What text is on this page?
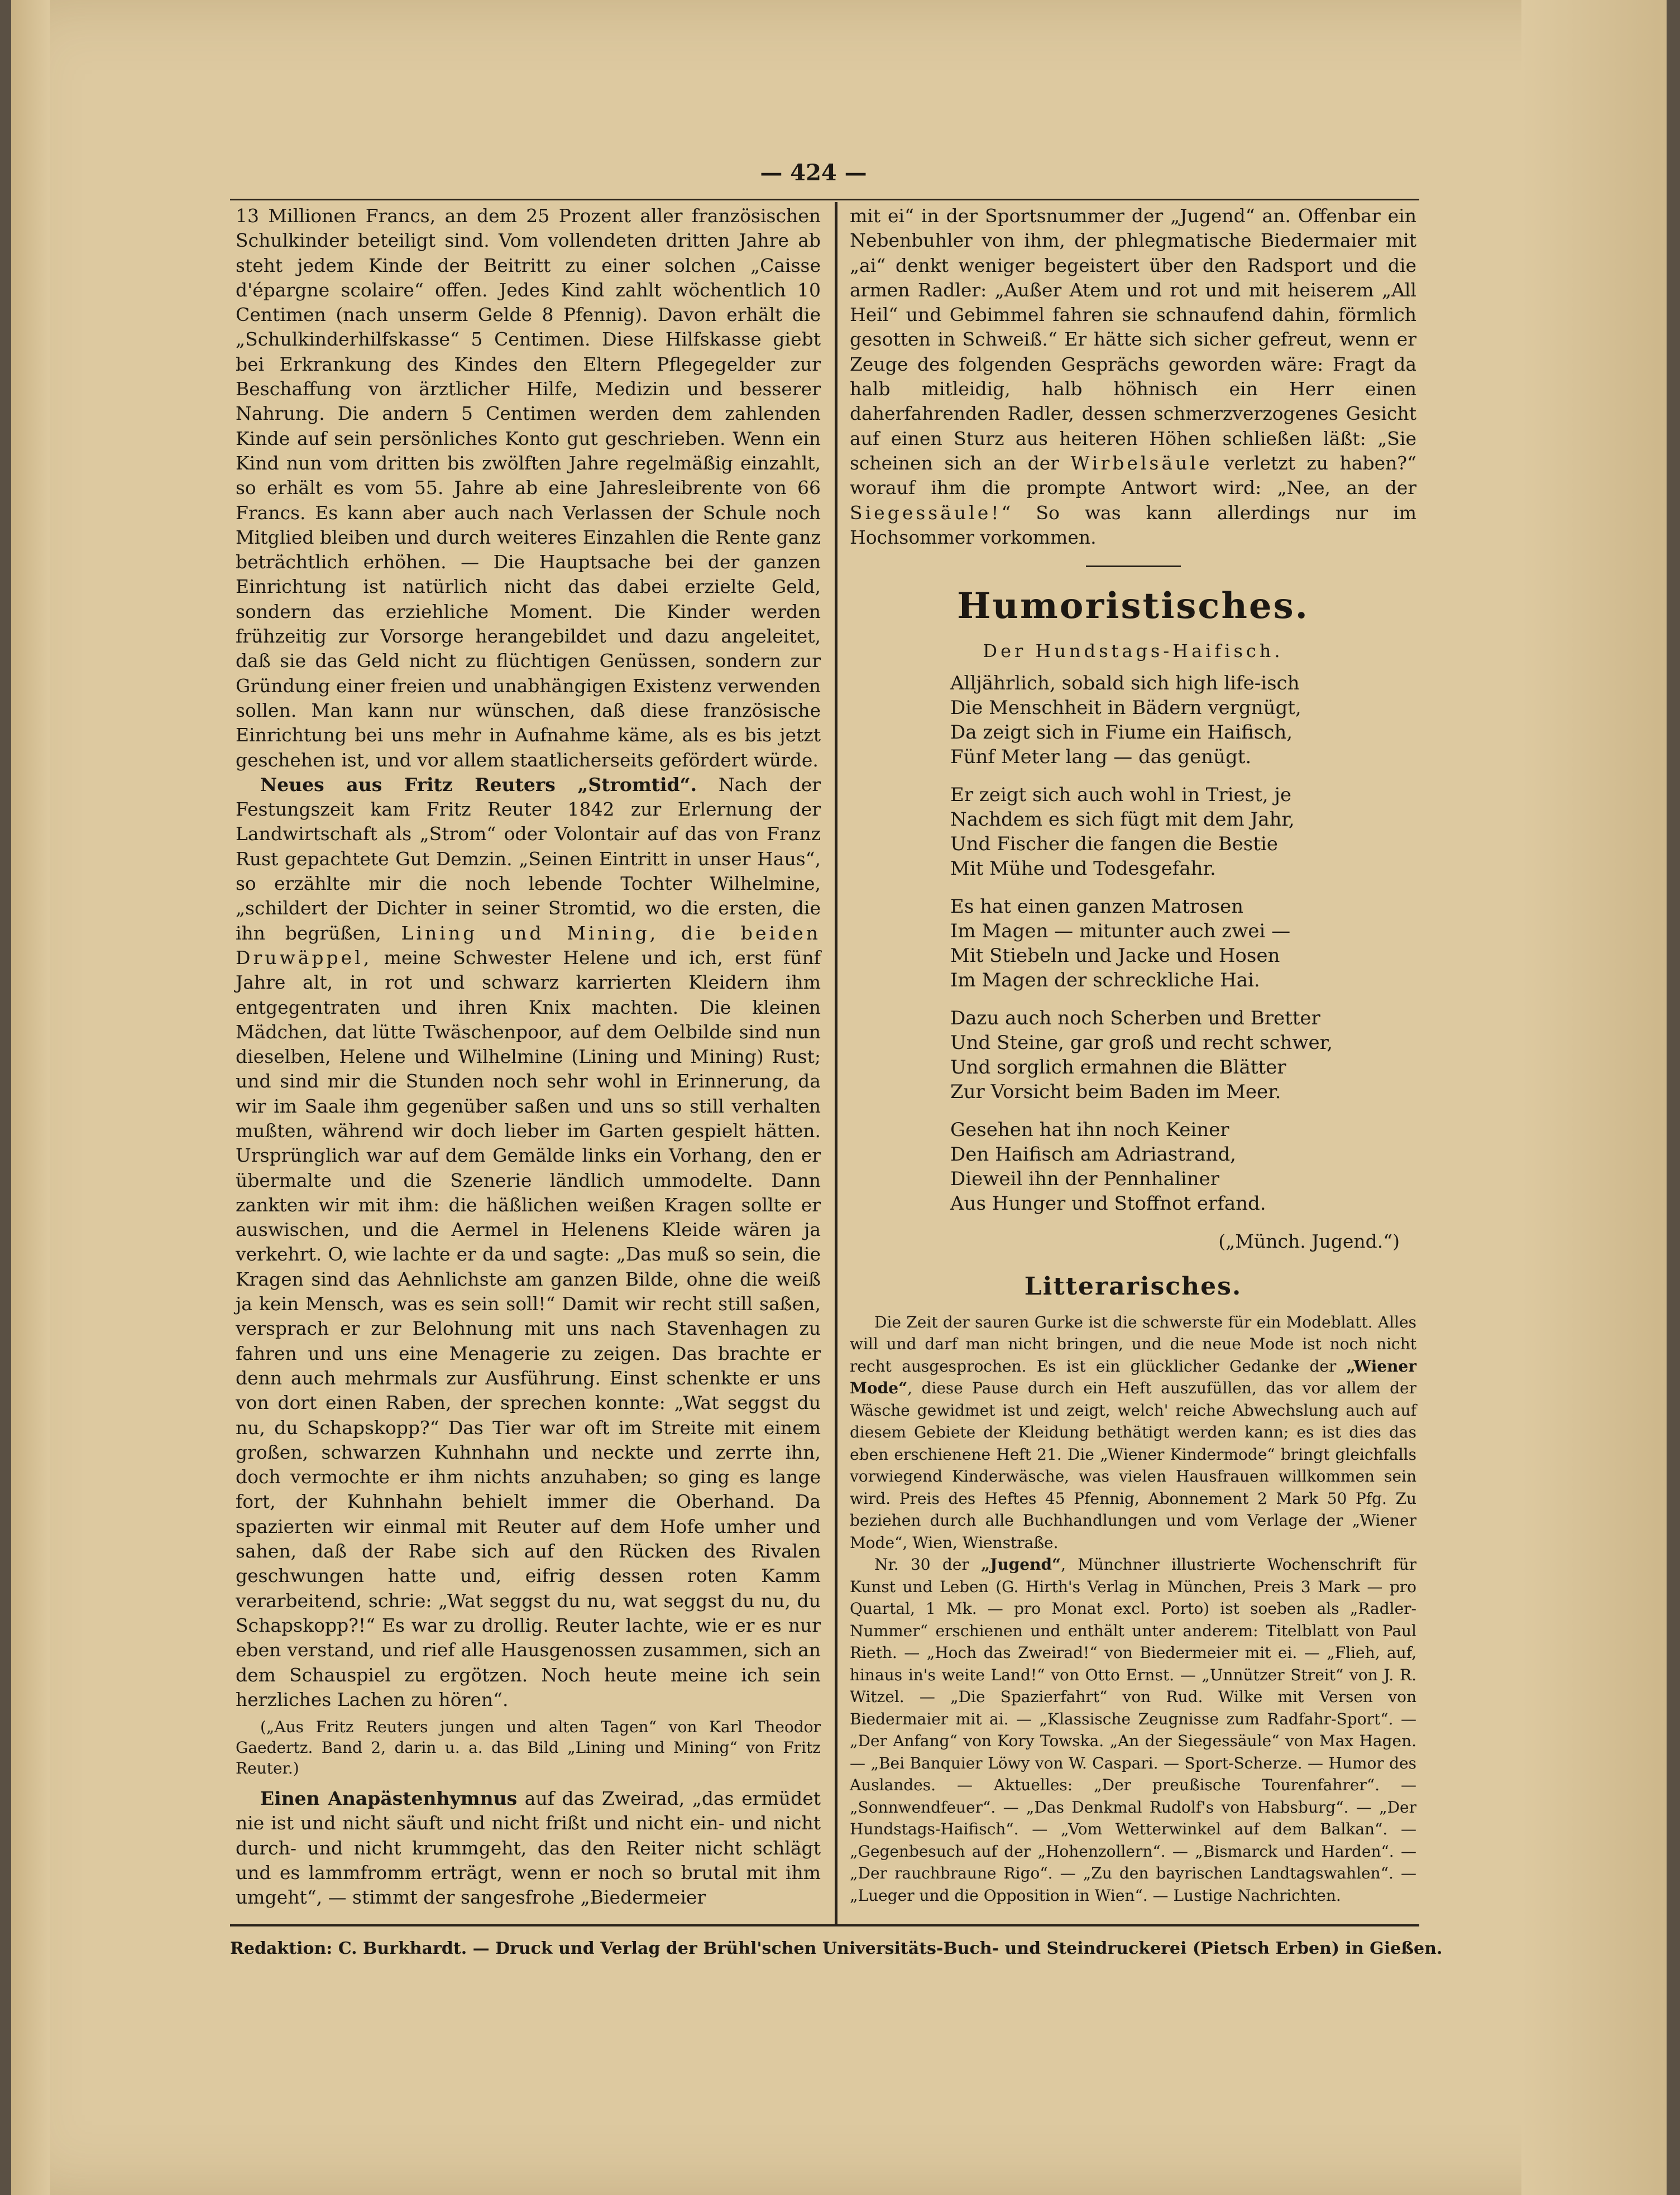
— 424 —

13 Millionen Francs, an dem 25 Prozent aller französischen Schulkinder beteiligt sind. Vom vollendeten dritten Jahre ab steht jedem Kinde der Beitritt zu einer solchen „Caisse d'épargne scolaire“ offen. Jedes Kind zahlt wöchentlich 10 Centimen (nach unserm Gelde 8 Pfennig). Davon erhält die „Schulkinderhilfskasse“ 5 Centimen. Diese Hilfskasse giebt bei Erkrankung des Kindes den Eltern Pflegegelder zur Beschaffung von ärztlicher Hilfe, Medizin und besserer Nahrung. Die andern 5 Centimen werden dem zahlenden Kinde auf sein persönliches Konto gut geschrieben. Wenn ein Kind nun vom dritten bis zwölften Jahre regelmäßig einzahlt, so erhält es vom 55. Jahre ab eine Jahresleibrente von 66 Francs. Es kann aber auch nach Verlassen der Schule noch Mitglied bleiben und durch weiteres Einzahlen die Rente ganz beträchtlich erhöhen. — Die Hauptsache bei der ganzen Einrichtung ist natürlich nicht das dabei erzielte Geld, sondern das erziehliche Moment. Die Kinder werden frühzeitig zur Vorsorge herangebildet und dazu angeleitet, daß sie das Geld nicht zu flüchtigen Genüssen, sondern zur Gründung einer freien und unabhängigen Existenz verwenden sollen. Man kann nur wünschen, daß diese französische Einrichtung bei uns mehr in Aufnahme käme, als es bis jetzt geschehen ist, und vor allem staatlicherseits gefördert würde.

Neues aus Fritz Reuters „Stromtid“. Nach der Festungszeit kam Fritz Reuter 1842 zur Erlernung der Landwirtschaft als „Strom“ oder Volontair auf das von Franz Rust gepachtete Gut Demzin. „Seinen Eintritt in unser Haus“, so erzählte mir die noch lebende Tochter Wilhelmine, „schildert der Dichter in seiner Stromtid, wo die ersten, die ihn begrüßen, Lining und Mining, die beiden Druwäppel, meine Schwester Helene und ich, erst fünf Jahre alt, in rot und schwarz karrierten Kleidern ihm entgegentraten und ihren Knix machten. Die kleinen Mädchen, dat lütte Twäschenpoor, auf dem Oelbilde sind nun dieselben, Helene und Wilhelmine (Lining und Mining) Rust; und sind mir die Stunden noch sehr wohl in Erinnerung, da wir im Saale ihm gegenüber saßen und uns so still verhalten mußten, während wir doch lieber im Garten gespielt hätten. Ursprünglich war auf dem Gemälde links ein Vorhang, den er übermalte und die Szenerie ländlich ummodelte. Dann zankten wir mit ihm: die häßlichen weißen Kragen sollte er auswischen, und die Aermel in Helenens Kleide wären ja verkehrt. O, wie lachte er da und sagte: „Das muß so sein, die Kragen sind das Aehnlichste am ganzen Bilde, ohne die weiß ja kein Mensch, was es sein soll!“ Damit wir recht still saßen, versprach er zur Belohnung mit uns nach Stavenhagen zu fahren und uns eine Menagerie zu zeigen. Das brachte er denn auch mehrmals zur Ausführung. Einst schenkte er uns von dort einen Raben, der sprechen konnte: „Wat seggst du nu, du Schapskopp?“ Das Tier war oft im Streite mit einem großen, schwarzen Kuhnhahn und neckte und zerrte ihn, doch vermochte er ihm nichts anzuhaben; so ging es lange fort, der Kuhnhahn behielt immer die Oberhand. Da spazierten wir einmal mit Reuter auf dem Hofe umher und sahen, daß der Rabe sich auf den Rücken des Rivalen geschwungen hatte und, eifrig dessen roten Kamm verarbeitend, schrie: „Wat seggst du nu, wat seggst du nu, du Schapskopp?!“ Es war zu drollig. Reuter lachte, wie er es nur eben verstand, und rief alle Hausgenossen zusammen, sich an dem Schauspiel zu ergötzen. Noch heute meine ich sein herzliches Lachen zu hören“.

(„Aus Fritz Reuters jungen und alten Tagen“ von Karl Theodor Gaedertz. Band 2, darin u. a. das Bild „Lining und Mining“ von Fritz Reuter.)

Einen Anapästenhymnus auf das Zweirad, „das ermüdet nie ist und nicht säuft und nicht frißt und nicht ein- und nicht durch- und nicht krummgeht, das den Reiter nicht schlägt und es lammfromm erträgt, wenn er noch so brutal mit ihm umgeht“, — stimmt der sangesfrohe „Biedermeier

mit ei“ in der Sportsnummer der „Jugend“ an. Offenbar ein Nebenbuhler von ihm, der phlegmatische Biedermaier mit „ai“ denkt weniger begeistert über den Radsport und die armen Radler: „Außer Atem und rot und mit heiserem „All Heil“ und Gebimmel fahren sie schnaufend dahin, förmlich gesotten in Schweiß.“ Er hätte sich sicher gefreut, wenn er Zeuge des folgenden Gesprächs geworden wäre: Fragt da halb mitleidig, halb höhnisch ein Herr einen daherfahrenden Radler, dessen schmerzverzogenes Gesicht auf einen Sturz aus heiteren Höhen schließen läßt: „Sie scheinen sich an der Wirbelsäule verletzt zu haben?“ worauf ihm die prompte Antwort wird: „Nee, an der Siegessäule!“ So was kann allerdings nur im Hochsommer vorkommen.

Humoristisches.

Der Hundstags-Haifisch.

Alljährlich, sobald sich high life-isch
Die Menschheit in Bädern vergnügt,
Da zeigt sich in Fiume ein Haifisch,
Fünf Meter lang — das genügt.

Er zeigt sich auch wohl in Triest, je
Nachdem es sich fügt mit dem Jahr,
Und Fischer die fangen die Bestie
Mit Mühe und Todesgefahr.

Es hat einen ganzen Matrosen
Im Magen — mitunter auch zwei —
Mit Stiebeln und Jacke und Hosen
Im Magen der schreckliche Hai.

Dazu auch noch Scherben und Bretter
Und Steine, gar groß und recht schwer,
Und sorglich ermahnen die Blätter
Zur Vorsicht beim Baden im Meer.

Gesehen hat ihn noch Keiner
Den Haifisch am Adriastrand,
Dieweil ihn der Pennhaliner
Aus Hunger und Stoffnot erfand.

(„Münch. Jugend.“)

Litterarisches.

Die Zeit der sauren Gurke ist die schwerste für ein Modeblatt. Alles will und darf man nicht bringen, und die neue Mode ist noch nicht recht ausgesprochen. Es ist ein glücklicher Gedanke der „Wiener Mode“, diese Pause durch ein Heft auszufüllen, das vor allem der Wäsche gewidmet ist und zeigt, welch' reiche Abwechslung auch auf diesem Gebiete der Kleidung bethätigt werden kann; es ist dies das eben erschienene Heft 21. Die „Wiener Kindermode“ bringt gleichfalls vorwiegend Kinderwäsche, was vielen Hausfrauen willkommen sein wird. Preis des Heftes 45 Pfennig, Abonnement 2 Mark 50 Pfg. Zu beziehen durch alle Buchhandlungen und vom Verlage der „Wiener Mode“, Wien, Wienstraße.

Nr. 30 der „Jugend“, Münchner illustrierte Wochenschrift für Kunst und Leben (G. Hirth's Verlag in München, Preis 3 Mark — pro Quartal, 1 Mk. — pro Monat excl. Porto) ist soeben als „Radler-Nummer“ erschienen und enthält unter anderem: Titelblatt von Paul Rieth. — „Hoch das Zweirad!“ von Biedermeier mit ei. — „Flieh, auf, hinaus in's weite Land!“ von Otto Ernst. — „Unnützer Streit“ von J. R. Witzel. — „Die Spazierfahrt“ von Rud. Wilke mit Versen von Biedermaier mit ai. — „Klassische Zeugnisse zum Radfahr-Sport“. — „Der Anfang“ von Kory Towska. „An der Siegessäule“ von Max Hagen. — „Bei Banquier Löwy von W. Caspari. — Sport-Scherze. — Humor des Auslandes. — Aktuelles: „Der preußische Tourenfahrer“. — „Sonnwendfeuer“. — „Das Denkmal Rudolf's von Habsburg“. — „Der Hundstags-Haifisch“. — „Vom Wetterwinkel auf dem Balkan“. — „Gegenbesuch auf der „Hohenzollern“. — „Bismarck und Harden“. — „Der rauchbraune Rigo“. — „Zu den bayrischen Landtagswahlen“. — „Lueger und die Opposition in Wien“. — Lustige Nachrichten.

Redaktion: C. Burkhardt. — Druck und Verlag der Brühl'schen Universitäts-Buch- und Steindruckerei (Pietsch Erben) in Gießen.
